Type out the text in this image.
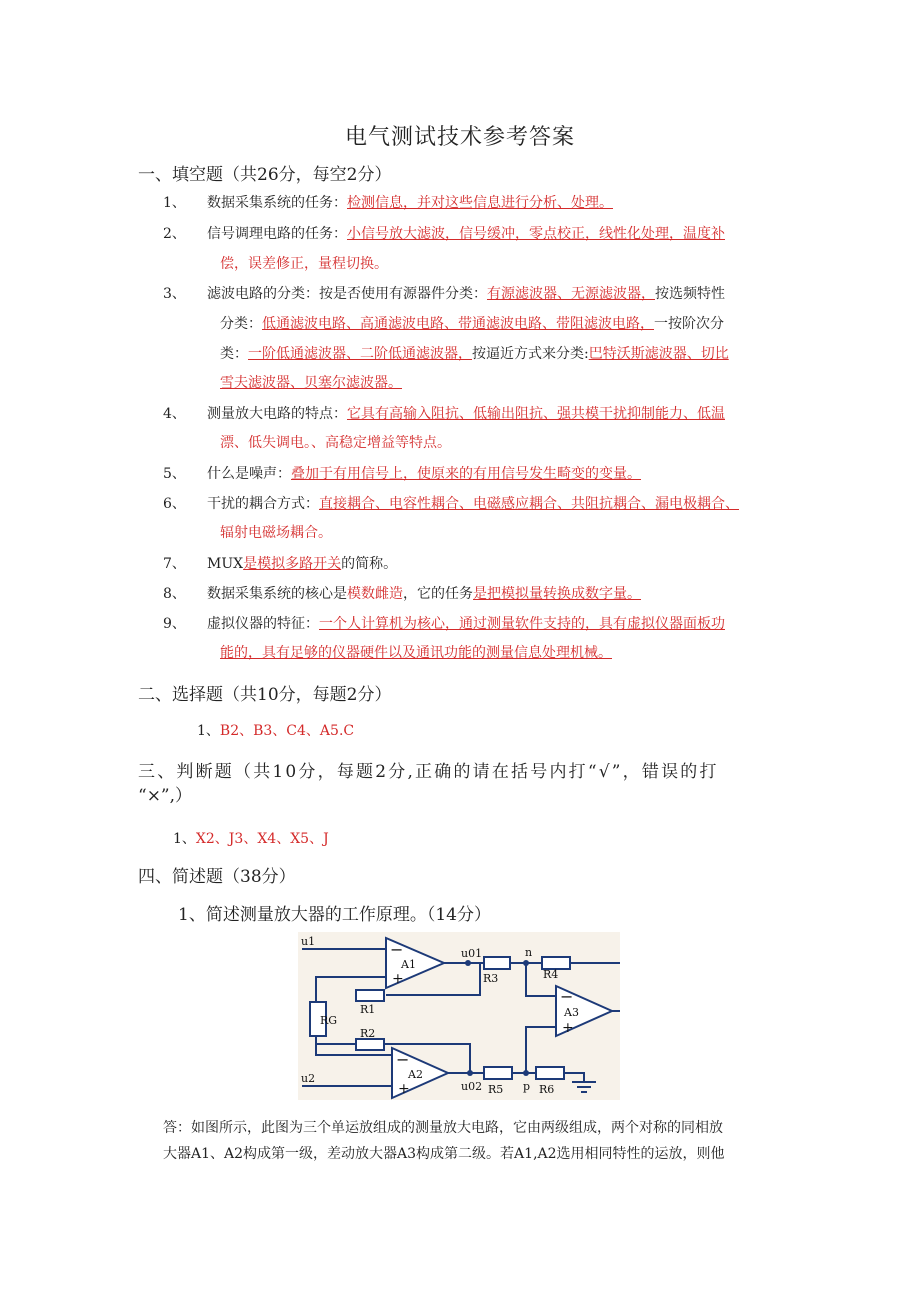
电气测试技术参考答案
一、填空题（共26分，每空2分）
1、 数据采集系统的任务：检测信息，并对这些信息进行分析、处理。
2、 信号调理电路的任务：小信号放大滤波，信号缓冲，零点校正，线性化处理，温度补
偿，误差修正，量程切换。
3、 滤波电路的分类：按是否使用有源器件分类：有源滤波器、无源滤波器，按选频特性
分类：低通滤波电路、高通滤波电路、带通滤波电路、带阻滤波电路，一按阶次分
类：一阶低通滤波器、二阶低通滤波器，按逼近方式来分类:巴特沃斯滤波器、切比
雪夫滤波器、贝塞尔滤波器。
4、 测量放大电路的特点：它具有高输入阻抗、低输出阻抗、强共模干扰抑制能力、低温
漂、低失调电。、高稳定增益等特点。
5、 什么是噪声：叠加于有用信号上，使原来的有用信号发生畸变的变量。
6、 干扰的耦合方式：直接耦合、电容性耦合、电磁感应耦合、共阻抗耦合、漏电极耦合、
辐射电磁场耦合。
7、 MUX是模拟多路开关的简称。
8、 数据采集系统的核心是模数雌造，它的任务是把模拟量转换成数字量。
9、 虚拟仪器的特征：一个人计算机为核心，通过测量软件支持的，具有虚拟仪器面板功
能的，具有足够的仪器硬件以及通讯功能的测量信息处理机械。
二、选择题（共10分，每题2分）
1、B2、B3、C4、A5.C
三、判断题（共10分，每题2分,正确的请在括号内打“√”，错误的打
“×”,）
1、X2、J3、X4、X5、J
四、简述题（38分）
1、简述测量放大器的工作原理。（14分）
u1
u2
−
+
A1
−
+
A2
−
+
A3
R1
R2
R3	R4
R5	R6
RG
u01
u02
n
p
答：如图所示，此图为三个单运放组成的测量放大电路，它由两级组成，两个对称的同相放
大器A1、A2构成第一级，差动放大器A3构成第二级。若A1,A2选用相同特性的运放，则他
